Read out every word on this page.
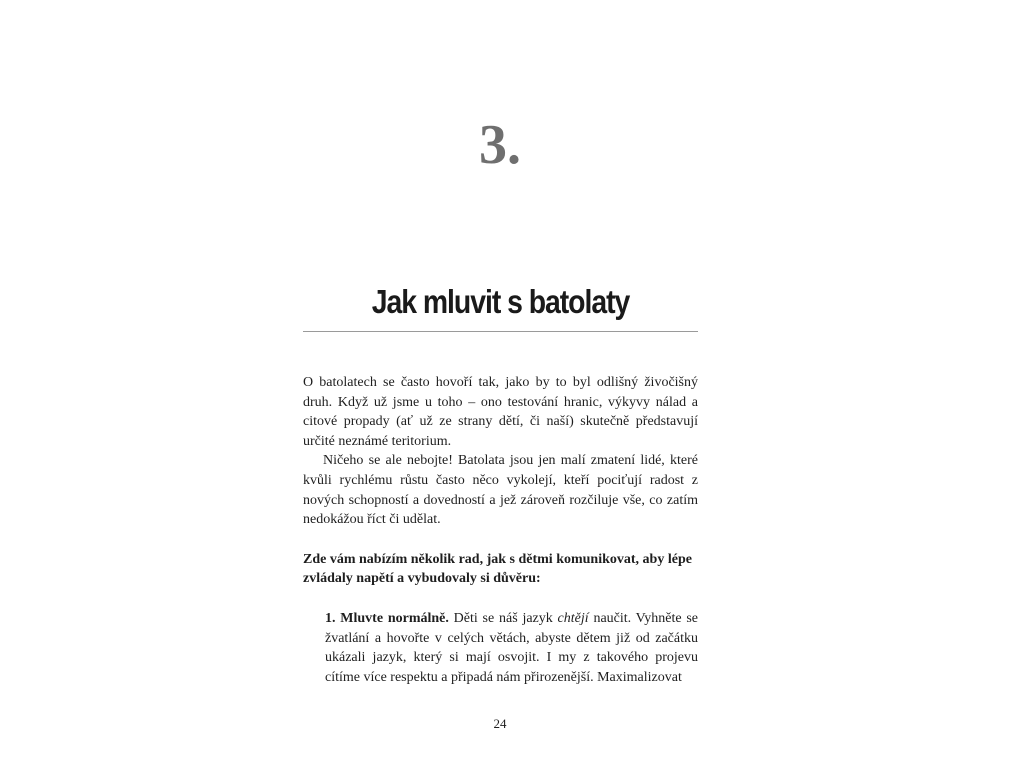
3.
Jak mluvit s batolaty

O batolatech se často hovoří tak, jako by to byl odlišný živočišný druh. Když už jsme u toho – ono testování hranic, výkyvy nálad a citové propady (ať už ze strany dětí, či naší) skutečně představují určité neznámé teritorium.

Ničeho se ale nebojte! Batolata jsou jen malí zmatení lidé, které kvůli rychlému růstu často něco vykolejí, kteří pociťují radost z nových schopností a dovedností a jež zároveň rozčiluje vše, co zatím nedokážou říct či udělat.

Zde vám nabízím několik rad, jak s dětmi komunikovat, aby lépe zvládaly napětí a vybudovaly si důvěru:

1. Mluvte normálně. Děti se náš jazyk chtějí naučit. Vyhněte se žvatlání a hovořte v celých větách, abyste dětem již od začátku ukázali jazyk, který si mají osvojit. I my z takového projevu cítíme více respektu a připadá nám přirozenější. Maximalizovat

24
